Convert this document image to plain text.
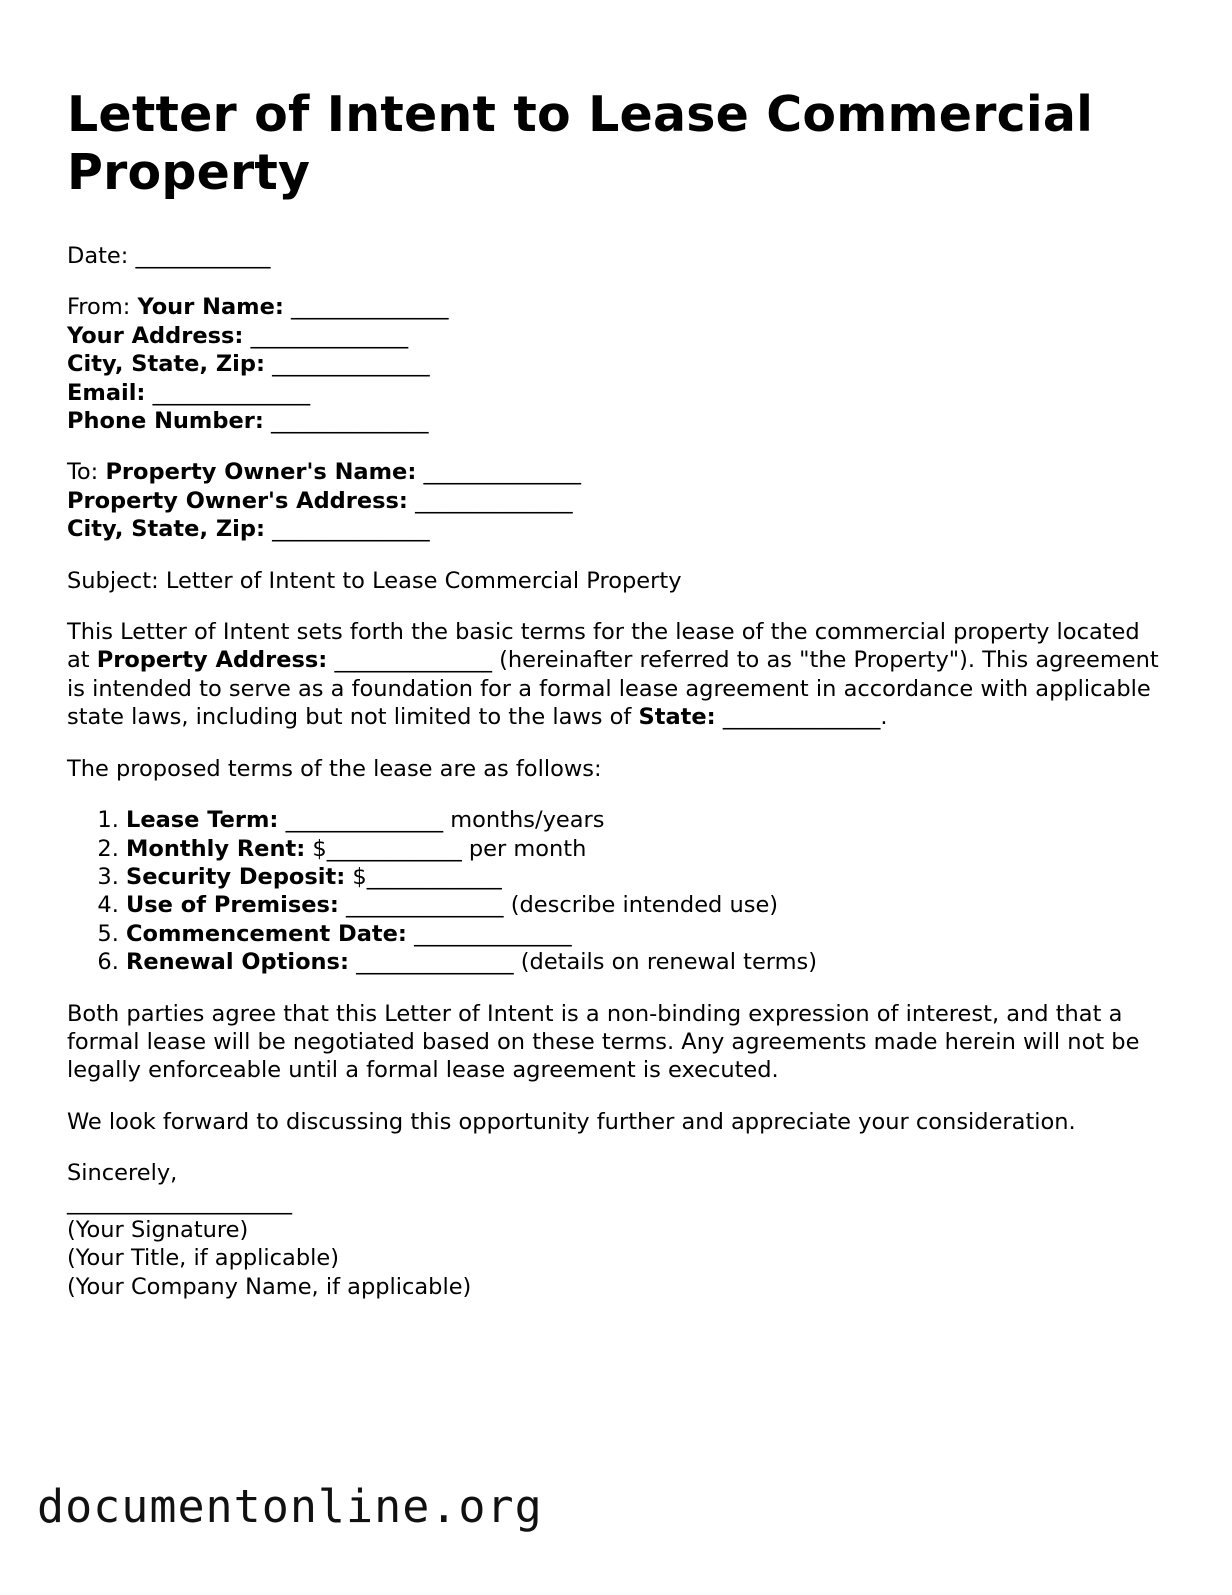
Letter of Intent to Lease Commercial Property

Date: ____________

From: Your Name: ______________
Your Address: ______________
City, State, Zip: ______________
Email: ______________
Phone Number: ______________

To: Property Owner's Name: ______________
Property Owner's Address: ______________
City, State, Zip: ______________

Subject: Letter of Intent to Lease Commercial Property

This Letter of Intent sets forth the basic terms for the lease of the commercial property located at Property Address: ______________ (hereinafter referred to as "the Property"). This agreement is intended to serve as a foundation for a formal lease agreement in accordance with applicable state laws, including but not limited to the laws of State: ______________.

The proposed terms of the lease are as follows:

1. Lease Term: ______________ months/years
2. Monthly Rent: $____________ per month
3. Security Deposit: $____________
4. Use of Premises: ______________ (describe intended use)
5. Commencement Date: ______________
6. Renewal Options: ______________ (details on renewal terms)

Both parties agree that this Letter of Intent is a non-binding expression of interest, and that a formal lease will be negotiated based on these terms. Any agreements made herein will not be legally enforceable until a formal lease agreement is executed.

We look forward to discussing this opportunity further and appreciate your consideration.

Sincerely,
____________________
(Your Signature)
(Your Title, if applicable)
(Your Company Name, if applicable)

documentonline.org
